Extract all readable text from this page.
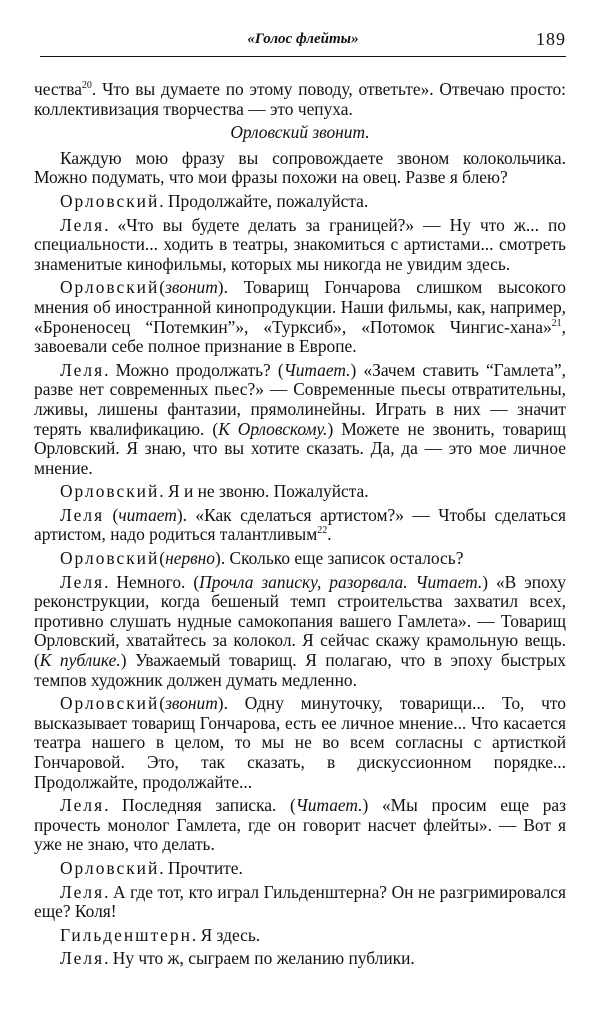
«Голос флейты»	189

чества$^{20}$. Что вы думаете по этому поводу, ответьте». Отвечаю просто: коллективизация творчества — это чепуха.

Орловский звонит.

Каждую мою фразу вы сопровождаете звоном колокольчика. Можно подумать, что мои фразы похожи на овец. Разве я блею?

Орловский. Продолжайте, пожалуйста.

Леля. «Что вы будете делать за границей?» — Ну что ж... по специальности... ходить в театры, знакомиться с артистами... смотреть знаменитые кинофильмы, которых мы никогда не увидим здесь.

Орловский(звонит). Товарищ Гончарова слишком высокого мнения об иностранной кинопродукции. Наши фильмы, как, например, «Броненосец “Потемкин”», «Турксиб», «Потомок Чингис-хана»$^{21}$, завоевали себе полное признание в Европе.

Леля. Можно продолжать? (Читает.) «Зачем ставить “Гамлета”, разве нет современных пьес?» — Современные пьесы отвратительны, лживы, лишены фантазии, прямолинейны. Играть в них — значит терять квалификацию. (К Орловскому.) Можете не звонить, товарищ Орловский. Я знаю, что вы хотите сказать. Да, да — это мое личное мнение.

Орловский. Я и не звоню. Пожалуйста.

Леля (читает). «Как сделаться артистом?» — Чтобы сделаться артистом, надо родиться талантливым$^{22}$.

Орловский(нервно). Сколько еще записок осталось?

Леля. Немного. (Прочла записку, разорвала. Читает.) «В эпоху реконструкции, когда бешеный темп строительства захватил всех, противно слушать нудные самокопания вашего Гамлета». — Товарищ Орловский, хватайтесь за колокол. Я сейчас скажу крамольную вещь. (К публике.) Уважаемый товарищ. Я полагаю, что в эпоху быстрых темпов художник должен думать медленно.

Орловский(звонит). Одну минуточку, товарищи... То, что высказывает товарищ Гончарова, есть ее личное мнение... Что касается театра нашего в целом, то мы не во всем согласны с артисткой Гончаровой. Это, так сказать, в дискуссионном порядке... Продолжайте, продолжайте...

Леля. Последняя записка. (Читает.) «Мы просим еще раз прочесть монолог Гамлета, где он говорит насчет флейты». — Вот я уже не знаю, что делать.

Орловский. Прочтите.

Леля. А где тот, кто играл Гильденштерна? Он не разгримировался еще? Коля!

Гильденштерн. Я здесь.

Леля. Ну что ж, сыграем по желанию публики.
